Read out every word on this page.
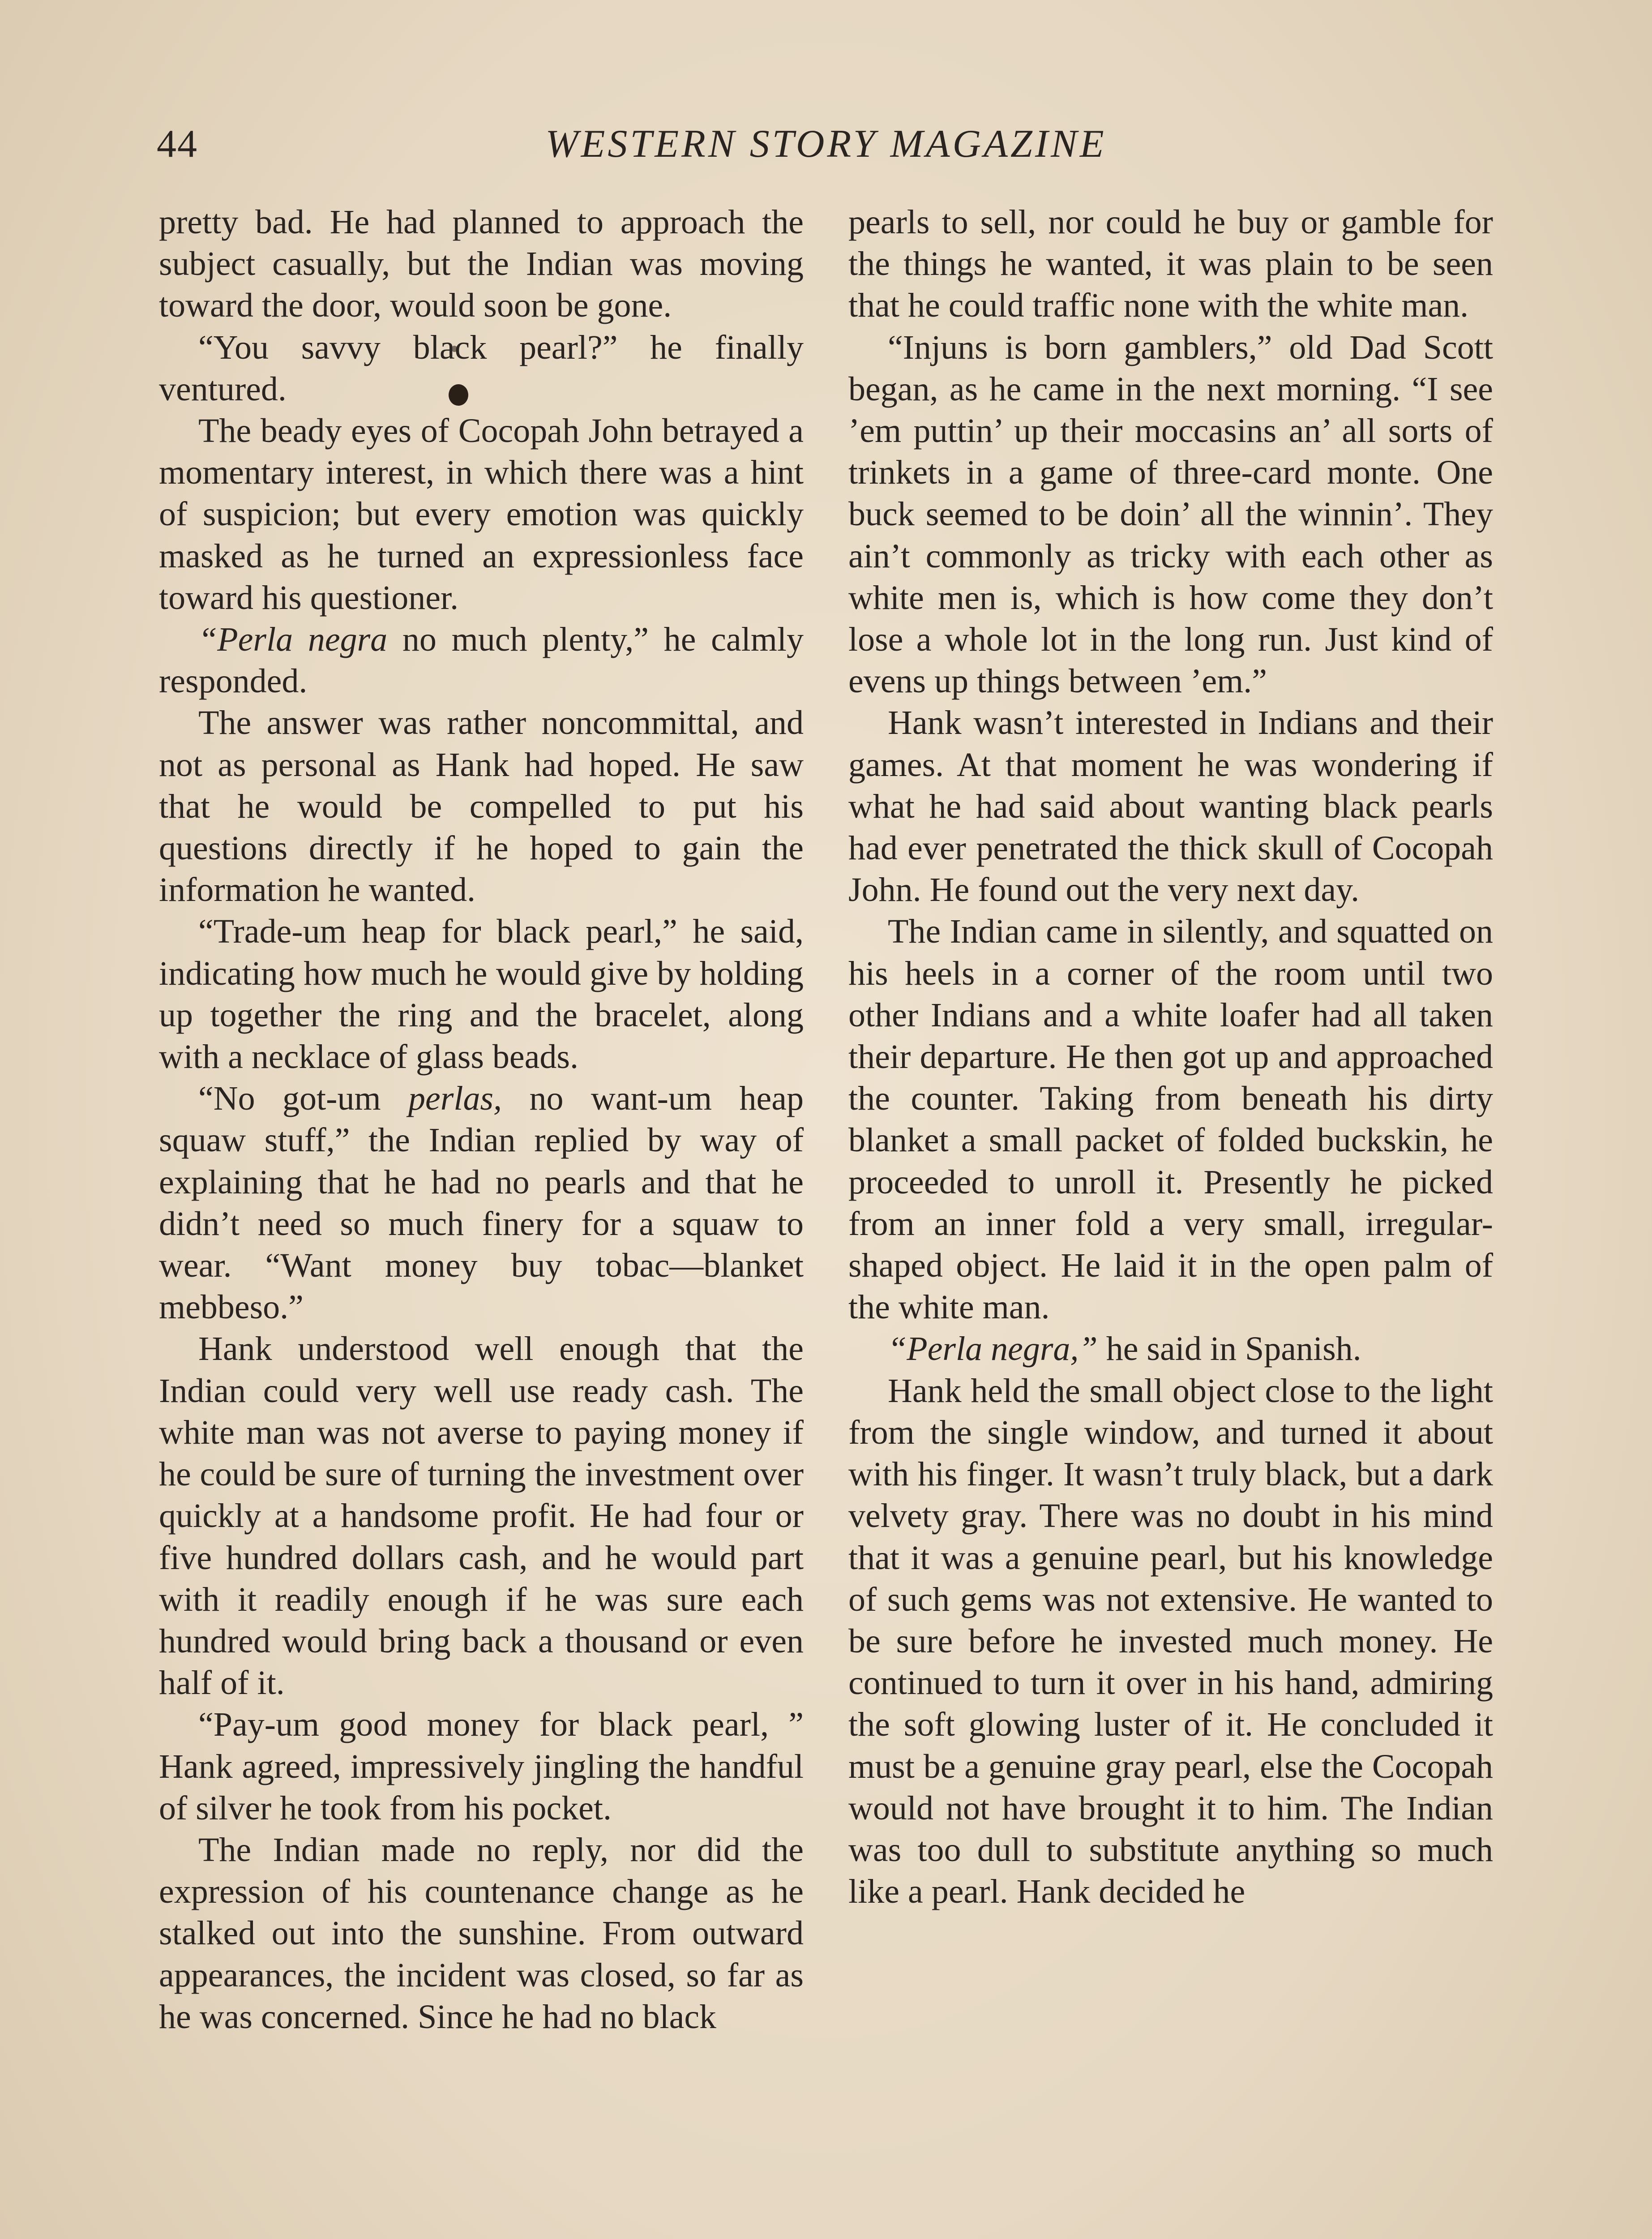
44	WESTERN STORY MAGAZINE

pretty bad. He had planned to approach the subject casually, but the Indian was moving toward the door, would soon be gone.

“You savvy black pearl?” he finally ventured.

The beady eyes of Cocopah John betrayed a momentary interest, in which there was a hint of suspicion; but every emotion was quickly masked as he turned an expressionless face toward his questioner.

“Perla negra no much plenty,” he calmly responded.

The answer was rather noncommittal, and not as personal as Hank had hoped. He saw that he would be compelled to put his questions directly if he hoped to gain the information he wanted.

“Trade-um heap for black pearl,” he said, indicating how much he would give by holding up together the ring and the bracelet, along with a necklace of glass beads.

“No got-um perlas, no want-um heap squaw stuff,” the Indian replied by way of explaining that he had no pearls and that he didn’t need so much finery for a squaw to wear. “Want money buy tobac—blanket mebbeso.”

Hank understood well enough that the Indian could very well use ready cash. The white man was not averse to paying money if he could be sure of turning the investment over quickly at a handsome profit. He had four or five hundred dollars cash, and he would part with it readily enough if he was sure each hundred would bring back a thousand or even half of it.

“Pay-um good money for black pearl, ” Hank agreed, impressively jingling the handful of silver he took from his pocket.

The Indian made no reply, nor did the expression of his countenance change as he stalked out into the sunshine. From outward appearances, the incident was closed, so far as he was concerned. Since he had no black

pearls to sell, nor could he buy or gamble for the things he wanted, it was plain to be seen that he could traffic none with the white man.

“Injuns is born gamblers,” old Dad Scott began, as he came in the next morning. “I see ’em puttin’ up their moccasins an’ all sorts of trinkets in a game of three-card monte. One buck seemed to be doin’ all the winnin’. They ain’t commonly as tricky with each other as white men is, which is how come they don’t lose a whole lot in the long run. Just kind of evens up things between ’em.”

Hank wasn’t interested in Indians and their games. At that moment he was wondering if what he had said about wanting black pearls had ever penetrated the thick skull of Cocopah John. He found out the very next day.

The Indian came in silently, and squatted on his heels in a corner of the room until two other Indians and a white loafer had all taken their departure. He then got up and approached the counter. Taking from beneath his dirty blanket a small packet of folded buckskin, he proceeded to unroll it. Presently he picked from an inner fold a very small, irregular-shaped object. He laid it in the open palm of the white man.

“Perla negra,” he said in Spanish.

Hank held the small object close to the light from the single window, and turned it about with his finger. It wasn’t truly black, but a dark velvety gray. There was no doubt in his mind that it was a genuine pearl, but his knowledge of such gems was not extensive. He wanted to be sure before he invested much money. He continued to turn it over in his hand, admiring the soft glowing luster of it. He concluded it must be a genuine gray pearl, else the Cocopah would not have brought it to him. The Indian was too dull to substitute anything so much like a pearl. Hank decided he
